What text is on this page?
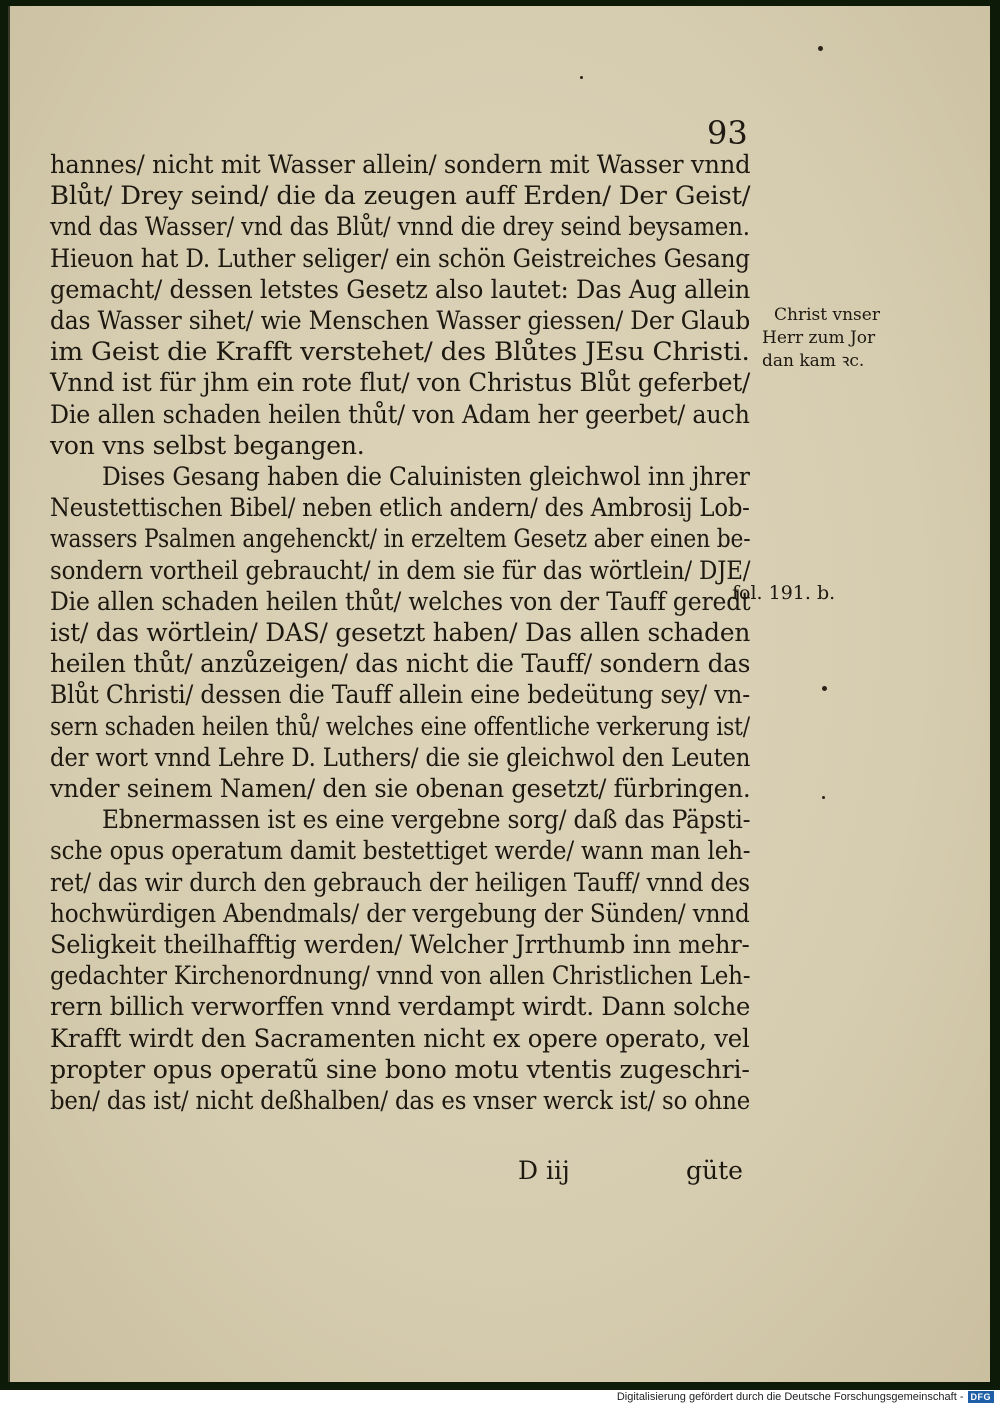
93
hannes/ nicht mit Wasser allein/ sondern mit Wasser vnnd
Blůt/ Drey seind/ die da zeugen auff Erden/ Der Geist/
vnd das Wasser/ vnd das Blůt/ vnnd die drey seind beysamen.
Hieuon hat D. Luther seliger/ ein schön Geistreiches Gesang
gemacht/ dessen letstes Gesetz also lautet: Das Aug allein
das Wasser sihet/ wie Menschen Wasser giessen/ Der Glaub
im Geist die Krafft verstehet/ des Blůtes JEsu Christi.
Vnnd ist für jhm ein rote flut/ von Christus Blůt geferbet/
Die allen schaden heilen thůt/ von Adam her geerbet/ auch
von vns selbst begangen.
Dises Gesang haben die Caluinisten gleichwol inn jhrer
Neustettischen Bibel/ neben etlich andern/ des Ambrosij Lob-
wassers Psalmen angehenckt/ in erzeltem Gesetz aber einen be-
sondern vortheil gebraucht/ in dem sie für das wörtlein/ DJE/
Die allen schaden heilen thůt/ welches von der Tauff geredt
ist/ das wörtlein/ DAS/ gesetzt haben/ Das allen schaden
heilen thůt/ anzůzeigen/ das nicht die Tauff/ sondern das
Blůt Christi/ dessen die Tauff allein eine bedeütung sey/ vn-
sern schaden heilen thů/ welches eine offentliche verkerung ist/
der wort vnnd Lehre D. Luthers/ die sie gleichwol den Leuten
vnder seinem Namen/ den sie obenan gesetzt/ fürbringen.
Ebnermassen ist es eine vergebne sorg/ daß das Päpsti-
sche opus operatum damit bestettiget werde/ wann man leh-
ret/ das wir durch den gebrauch der heiligen Tauff/ vnnd des
hochwürdigen Abendmals/ der vergebung der Sünden/ vnnd
Seligkeit theilhafftig werden/ Welcher Jrrthumb inn mehr-
gedachter Kirchenordnung/ vnnd von allen Christlichen Leh-
rern billich verworffen vnnd verdampt wirdt. Dann solche
Krafft wirdt den Sacramenten nicht ex opere operato, vel
propter opus operatũ sine bono motu vtentis zugeschri-
ben/ das ist/ nicht deßhalben/ das es vnser werck ist/ so ohne
Christ vnser
Herr zum Jor
dan kam ꝛc.
fol. 191. b.
D iij	güte
Digitalisierung gefördert durch die Deutsche Forschungsgemeinschaft - DFG
